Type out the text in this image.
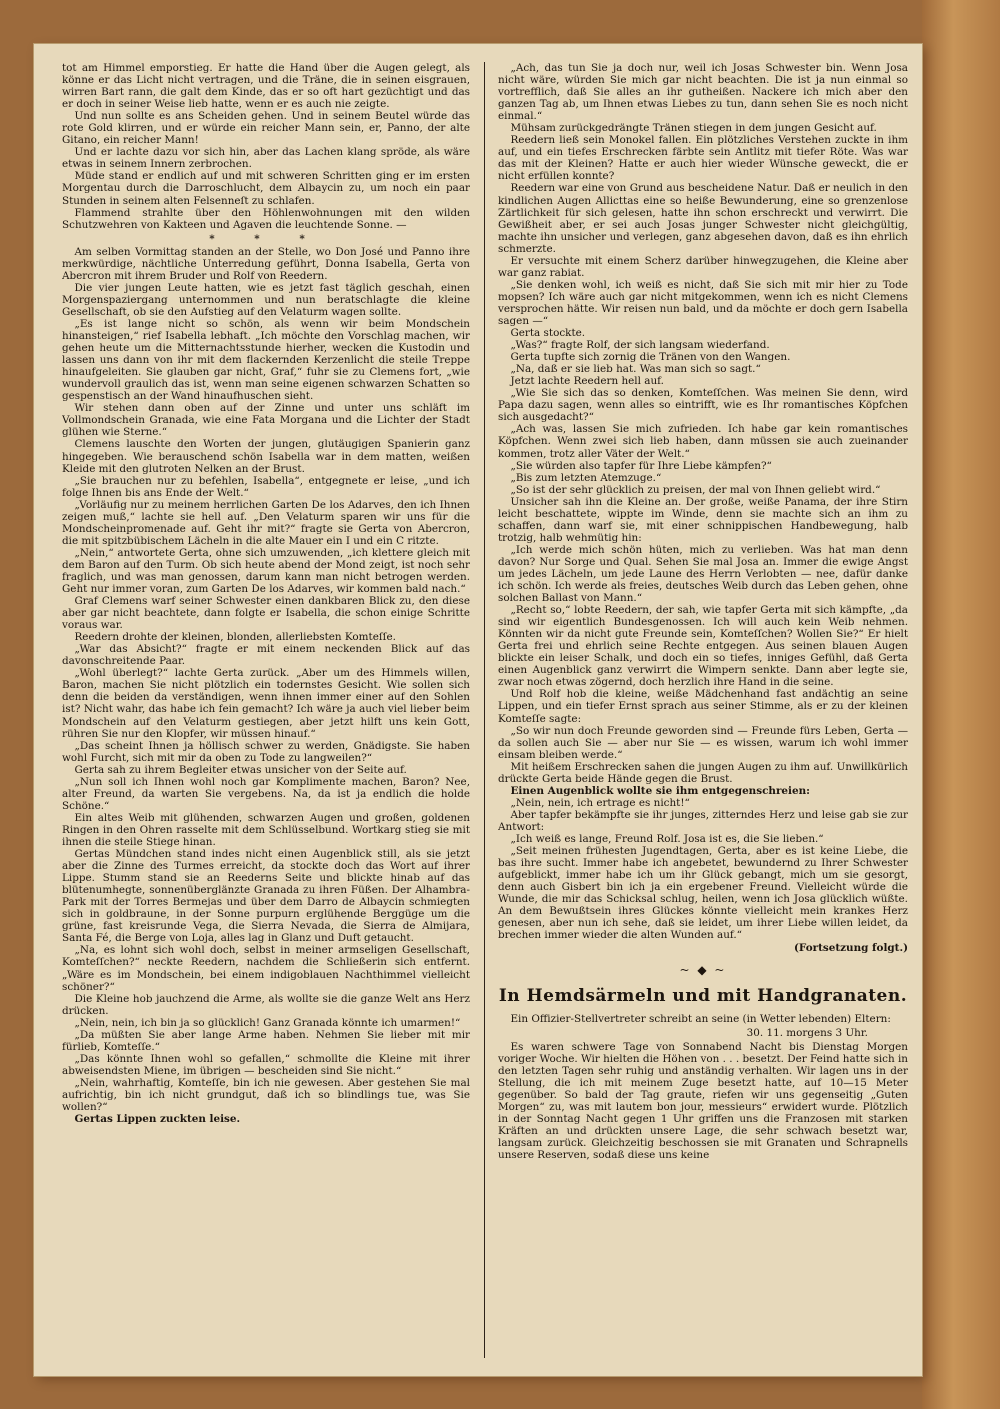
tot am Himmel emporstieg. Er hatte die Hand über die Augen gelegt, als könne er das Licht nicht vertragen, und die Träne, die in seinen eisgrauen, wirren Bart rann, die galt dem Kinde, das er so oft hart gezüchtigt und das er doch in seiner Weise lieb hatte, wenn er es auch nie zeigte.

Und nun sollte es ans Scheiden gehen. Und in seinem Beutel würde das rote Gold klirren, und er würde ein reicher Mann sein, er, Panno, der alte Gitano, ein reicher Mann!

Und er lachte dazu vor sich hin, aber das Lachen klang spröde, als wäre etwas in seinem Innern zerbrochen.

Müde stand er endlich auf und mit schweren Schritten ging er im ersten Morgentau durch die Darroschlucht, dem Albaycin zu, um noch ein paar Stunden in seinem alten Felsenneſt zu schlafen.

Flammend strahlte über den Höhlenwohnungen mit den wilden Schutzwehren von Kakteen und Agaven die leuchtende Sonne. —

* * *

Am selben Vormittag standen an der Stelle, wo Don José und Panno ihre merkwürdige, nächtliche Unterredung geführt, Donna Isabella, Gerta von Abercron mit ihrem Bruder und Rolf von Reedern.

Die vier jungen Leute hatten, wie es jetzt fast täglich geschah, einen Morgenspaziergang unternommen und nun beratschlagte die kleine Gesellschaft, ob sie den Aufstieg auf den Velaturm wagen sollte.

„Es ist lange nicht so schön, als wenn wir beim Mondschein hinansteigen,“ rief Isabella lebhaft. „Ich möchte den Vorschlag machen, wir gehen heute um die Mitternachtsstunde hierher, wecken die Kustodin und lassen uns dann von ihr mit dem flackernden Kerzenlicht die steile Treppe hinaufgeleiten. Sie glauben gar nicht, Graf,“ fuhr sie zu Clemens fort, „wie wundervoll graulich das ist, wenn man seine eigenen schwarzen Schatten so gespenstisch an der Wand hinaufhuschen sieht.

Wir stehen dann oben auf der Zinne und unter uns schläft im Vollmondschein Granada, wie eine Fata Morgana und die Lichter der Stadt glühen wie Sterne.“

Clemens lauschte den Worten der jungen, glutäugigen Spanierin ganz hingegeben. Wie berauschend schön Isabella war in dem matten, weißen Kleide mit den glutroten Nelken an der Brust.

„Sie brauchen nur zu befehlen, Isabella“, entgegnete er leise, „und ich folge Ihnen bis ans Ende der Welt.“

„Vorläufig nur zu meinem herrlichen Garten De los Adarves, den ich Ihnen zeigen muß,“ lachte sie hell auf. „Den Velaturm sparen wir uns für die Mondscheinpromenade auf. Geht ihr mit?“ fragte sie Gerta von Abercron, die mit spitzbübischem Lächeln in die alte Mauer ein I und ein C ritzte.

„Nein,“ antwortete Gerta, ohne sich umzuwenden, „ich klettere gleich mit dem Baron auf den Turm. Ob sich heute abend der Mond zeigt, ist noch sehr fraglich, und was man genossen, darum kann man nicht betrogen werden. Geht nur immer voran, zum Garten De los Adarves, wir kommen bald nach.“

Graf Clemens warf seiner Schwester einen dankbaren Blick zu, den diese aber gar nicht beachtete, dann folgte er Isabella, die schon einige Schritte voraus war.

Reedern drohte der kleinen, blonden, allerliebsten Komteſſe.

„War das Absicht?“ fragte er mit einem neckenden Blick auf das davonschreitende Paar.

„Wohl überlegt?“ lachte Gerta zurück. „Aber um des Himmels willen, Baron, machen Sie nicht plötzlich ein todernstes Gesicht. Wie sollen sich denn die beiden da verständigen, wenn ihnen immer einer auf den Sohlen ist? Nicht wahr, das habe ich fein gemacht? Ich wäre ja auch viel lieber beim Mondschein auf den Velaturm gestiegen, aber jetzt hilft uns kein Gott, rühren Sie nur den Klopfer, wir müssen hinauf.“

„Das scheint Ihnen ja höllisch schwer zu werden, Gnädigste. Sie haben wohl Furcht, sich mit mir da oben zu Tode zu langweilen?“

Gerta sah zu ihrem Begleiter etwas unsicher von der Seite auf.

„Nun soll ich Ihnen wohl noch gar Komplimente machen, Baron? Nee, alter Freund, da warten Sie vergebens. Na, da ist ja endlich die holde Schöne.“

Ein altes Weib mit glühenden, schwarzen Augen und großen, goldenen Ringen in den Ohren rasselte mit dem Schlüsselbund. Wortkarg stieg sie mit ihnen die steile Stiege hinan.

Gertas Mündchen stand indes nicht einen Augenblick still, als sie jetzt aber die Zinne des Turmes erreicht, da stockte doch das Wort auf ihrer Lippe. Stumm stand sie an Reederns Seite und blickte hinab auf das blütenumhegte, sonnenüberglänzte Granada zu ihren Füßen. Der Alhambra-Park mit der Torres Bermejas und über dem Darro de Albaycin schmiegten sich in goldbraune, in der Sonne purpurn erglühende Berggüge um die grüne, fast kreisrunde Vega, die Sierra Nevada, die Sierra de Almijara, Santa Fé, die Berge von Loja, alles lag in Glanz und Duft getaucht.

„Na, es lohnt sich wohl doch, selbst in meiner armseligen Gesellschaft, Komteſſchen?“ neckte Reedern, nachdem die Schließerin sich entfernt. „Wäre es im Mondschein, bei einem indigoblauen Nachthimmel vielleicht schöner?“

Die Kleine hob jauchzend die Arme, als wollte sie die ganze Welt ans Herz drücken.

„Nein, nein, ich bin ja so glücklich! Ganz Granada könnte ich umarmen!“

„Da müßten Sie aber lange Arme haben. Nehmen Sie lieber mit mir fürlieb, Komteſſe.“

„Das könnte Ihnen wohl so gefallen,“ schmollte die Kleine mit ihrer abweisendsten Miene, im übrigen — bescheiden sind Sie nicht.“

„Nein, wahrhaftig, Komteſſe, bin ich nie gewesen. Aber gestehen Sie mal aufrichtig, bin ich nicht grundgut, daß ich so blindlings tue, was Sie wollen?“

Gertas Lippen zuckten leise.

„Ach, das tun Sie ja doch nur, weil ich Josas Schwester bin. Wenn Josa nicht wäre, würden Sie mich gar nicht beachten. Die ist ja nun einmal so vortrefflich, daß Sie alles an ihr gutheißen. Nackere ich mich aber den ganzen Tag ab, um Ihnen etwas Liebes zu tun, dann sehen Sie es noch nicht einmal.“

Mühsam zurückgedrängte Tränen stiegen in dem jungen Gesicht auf.

Reedern ließ sein Monokel fallen. Ein plötzliches Verstehen zuckte in ihm auf, und ein tiefes Erschrecken färbte sein Antlitz mit tiefer Röte. Was war das mit der Kleinen? Hatte er auch hier wieder Wünsche geweckt, die er nicht erfüllen konnte?

Reedern war eine von Grund aus bescheidene Natur. Daß er neulich in den kindlichen Augen Allicttas eine so heiße Bewunderung, eine so grenzenlose Zärtlichkeit für sich gelesen, hatte ihn schon erschreckt und verwirrt. Die Gewißheit aber, er sei auch Josas junger Schwester nicht gleichgültig, machte ihn unsicher und verlegen, ganz abgesehen davon, daß es ihn ehrlich schmerzte.

Er versuchte mit einem Scherz darüber hinwegzugehen, die Kleine aber war ganz rabiat.

„Sie denken wohl, ich weiß es nicht, daß Sie sich mit mir hier zu Tode mopsen? Ich wäre auch gar nicht mitgekommen, wenn ich es nicht Clemens versprochen hätte. Wir reisen nun bald, und da möchte er doch gern Isabella sagen —“

Gerta stockte.

„Was?“ fragte Rolf, der sich langsam wiederfand.

Gerta tupfte sich zornig die Tränen von den Wangen.

„Na, daß er sie lieb hat. Was man sich so sagt.“

Jetzt lachte Reedern hell auf.

„Wie Sie sich das so denken, Komteſſchen. Was meinen Sie denn, wird Papa dazu sagen, wenn alles so eintrifft, wie es Ihr romantisches Köpfchen sich ausgedacht?“

„Ach was, lassen Sie mich zufrieden. Ich habe gar kein romantisches Köpfchen. Wenn zwei sich lieb haben, dann müssen sie auch zueinander kommen, trotz aller Väter der Welt.“

„Sie würden also tapfer für Ihre Liebe kämpfen?“

„Bis zum letzten Atemzuge.“

„So ist der sehr glücklich zu preisen, der mal von Ihnen geliebt wird.“

Unsicher sah ihn die Kleine an. Der große, weiße Panama, der ihre Stirn leicht beschattete, wippte im Winde, denn sie machte sich an ihm zu schaffen, dann warf sie, mit einer schnippischen Handbewegung, halb trotzig, halb wehmütig hin:

„Ich werde mich schön hüten, mich zu verlieben. Was hat man denn davon? Nur Sorge und Qual. Sehen Sie mal Josa an. Immer die ewige Angst um jedes Lächeln, um jede Laune des Herrn Verlobten — nee, dafür danke ich schön. Ich werde als freies, deutsches Weib durch das Leben gehen, ohne solchen Ballast von Mann.“

„Recht so,“ lobte Reedern, der sah, wie tapfer Gerta mit sich kämpfte, „da sind wir eigentlich Bundesgenossen. Ich will auch kein Weib nehmen. Könnten wir da nicht gute Freunde sein, Komteſſchen? Wollen Sie?“ Er hielt Gerta frei und ehrlich seine Rechte entgegen. Aus seinen blauen Augen blickte ein leiser Schalk, und doch ein so tiefes, inniges Gefühl, daß Gerta einen Augenblick ganz verwirrt die Wimpern senkte. Dann aber legte sie, zwar noch etwas zögernd, doch herzlich ihre Hand in die seine.

Und Rolf hob die kleine, weiße Mädchenhand fast andächtig an seine Lippen, und ein tiefer Ernst sprach aus seiner Stimme, als er zu der kleinen Komteſſe sagte:

„So wir nun doch Freunde geworden sind — Freunde fürs Leben, Gerta — da sollen auch Sie — aber nur Sie — es wissen, warum ich wohl immer einsam bleiben werde.“

Mit heißem Erschrecken sahen die jungen Augen zu ihm auf. Unwillkürlich drückte Gerta beide Hände gegen die Brust.

Einen Augenblick wollte sie ihm entgegenschreien:

„Nein, nein, ich ertrage es nicht!“

Aber tapfer bekämpfte sie ihr junges, zitterndes Herz und leise gab sie zur Antwort:

„Ich weiß es lange, Freund Rolf. Josa ist es, die Sie lieben.“

„Seit meinen frühesten Jugendtagen, Gerta, aber es ist keine Liebe, die bas ihre sucht. Immer habe ich angebetet, bewundernd zu Ihrer Schwester aufgeblickt, immer habe ich um ihr Glück gebangt, mich um sie gesorgt, denn auch Gisbert bin ich ja ein ergebener Freund. Vielleicht würde die Wunde, die mir das Schicksal schlug, heilen, wenn ich Josa glücklich wüßte. An dem Bewußtsein ihres Glückes könnte vielleicht mein krankes Herz genesen, aber nun ich sehe, daß sie leidet, um ihrer Liebe willen leidet, da brechen immer wieder die alten Wunden auf.“

(Fortsetzung folgt.)
~ ◆ ~
In Hemdsärmeln und mit Handgranaten.

Ein Offizier-Stellvertreter schreibt an seine (in Wetter lebenden) Eltern:

30. 11. morgens 3 Uhr.

Es waren schwere Tage von Sonnabend Nacht bis Dienstag Morgen voriger Woche. Wir hielten die Höhen von . . . besetzt. Der Feind hatte sich in den letzten Tagen sehr ruhig und anständig verhalten. Wir lagen uns in der Stellung, die ich mit meinem Zuge besetzt hatte, auf 10—15 Meter gegenüber. So bald der Tag graute, riefen wir uns gegenseitig „Guten Morgen“ zu, was mit lautem bon jour, messieurs“ erwidert wurde. Plötzlich in der Sonntag Nacht gegen 1 Uhr griffen uns die Franzosen mit starken Kräften an und drückten unsere Lage, die sehr schwach besetzt war, langsam zurück. Gleichzeitig beschossen sie mit Granaten und Schrapnells unsere Reserven, sodaß diese uns keine
